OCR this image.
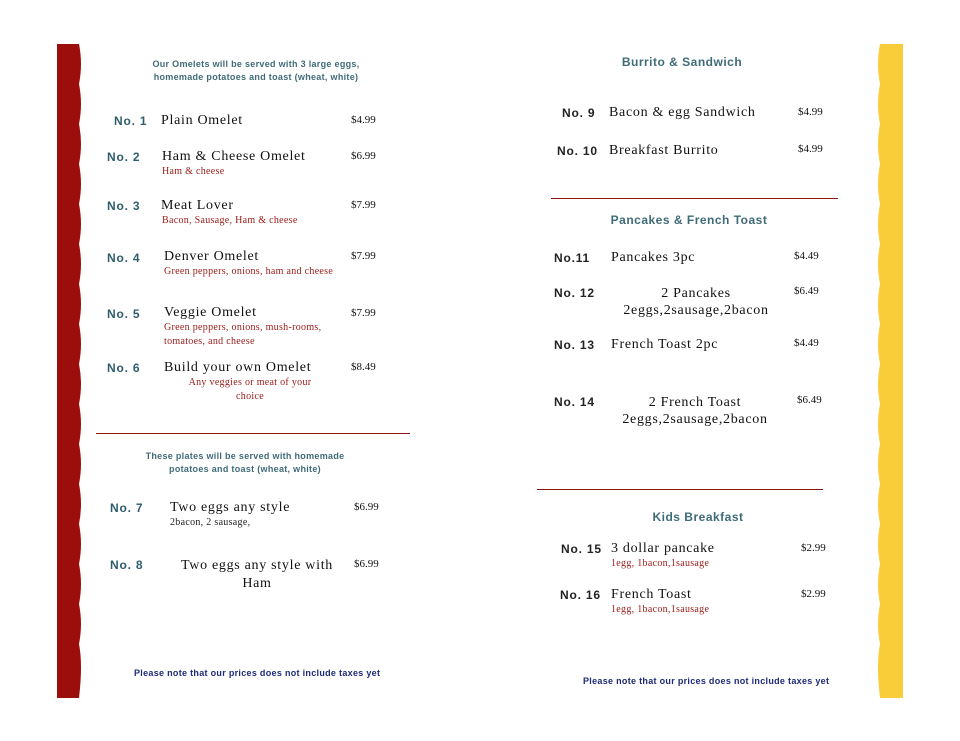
Our Omelets will be served with 3 large eggs, homemade potatoes and toast (wheat, white)
No. 1 Plain Omelet	$4.99
No. 2 Ham & Cheese Omelet
Ham & cheese
$6.99
No. 3 Meat Lover
Bacon, Sausage, Ham & cheese
$7.99
No. 4 Denver Omelet
Green peppers, onions, ham and cheese
$7.99
No. 5 Veggie Omelet
Green peppers, onions, mush-rooms, tomatoes, and cheese
$7.99
No. 6 Build your own Omelet
Any veggies or meat of your choice
$8.49
These plates will be served with homemade potatoes and toast (wheat, white)
No. 7 Two eggs any style
2bacon, 2 sausage,
$6.99
No. 8	Two eggs any style with Ham
$6.99
Please note that our prices does not include taxes yet
Burrito & Sandwich
No. 9 Bacon & egg Sandwich	$4.99
No. 10 Breakfast Burrito	$4.99
Pancakes & French Toast
No.11 Pancakes 3pc	$4.49
No. 12	2 Pancakes 2eggs,2sausage,2bacon
$6.49
No. 13 French Toast 2pc	$4.49
No. 14	2 French Toast 2eggs,2sausage,2bacon
$6.49
Kids Breakfast
No. 15 3 dollar pancake
1egg, 1bacon,1sausage
$2.99
No. 16 French Toast
1egg, 1bacon,1sausage
$2.99
Please note that our prices does not include taxes yet
